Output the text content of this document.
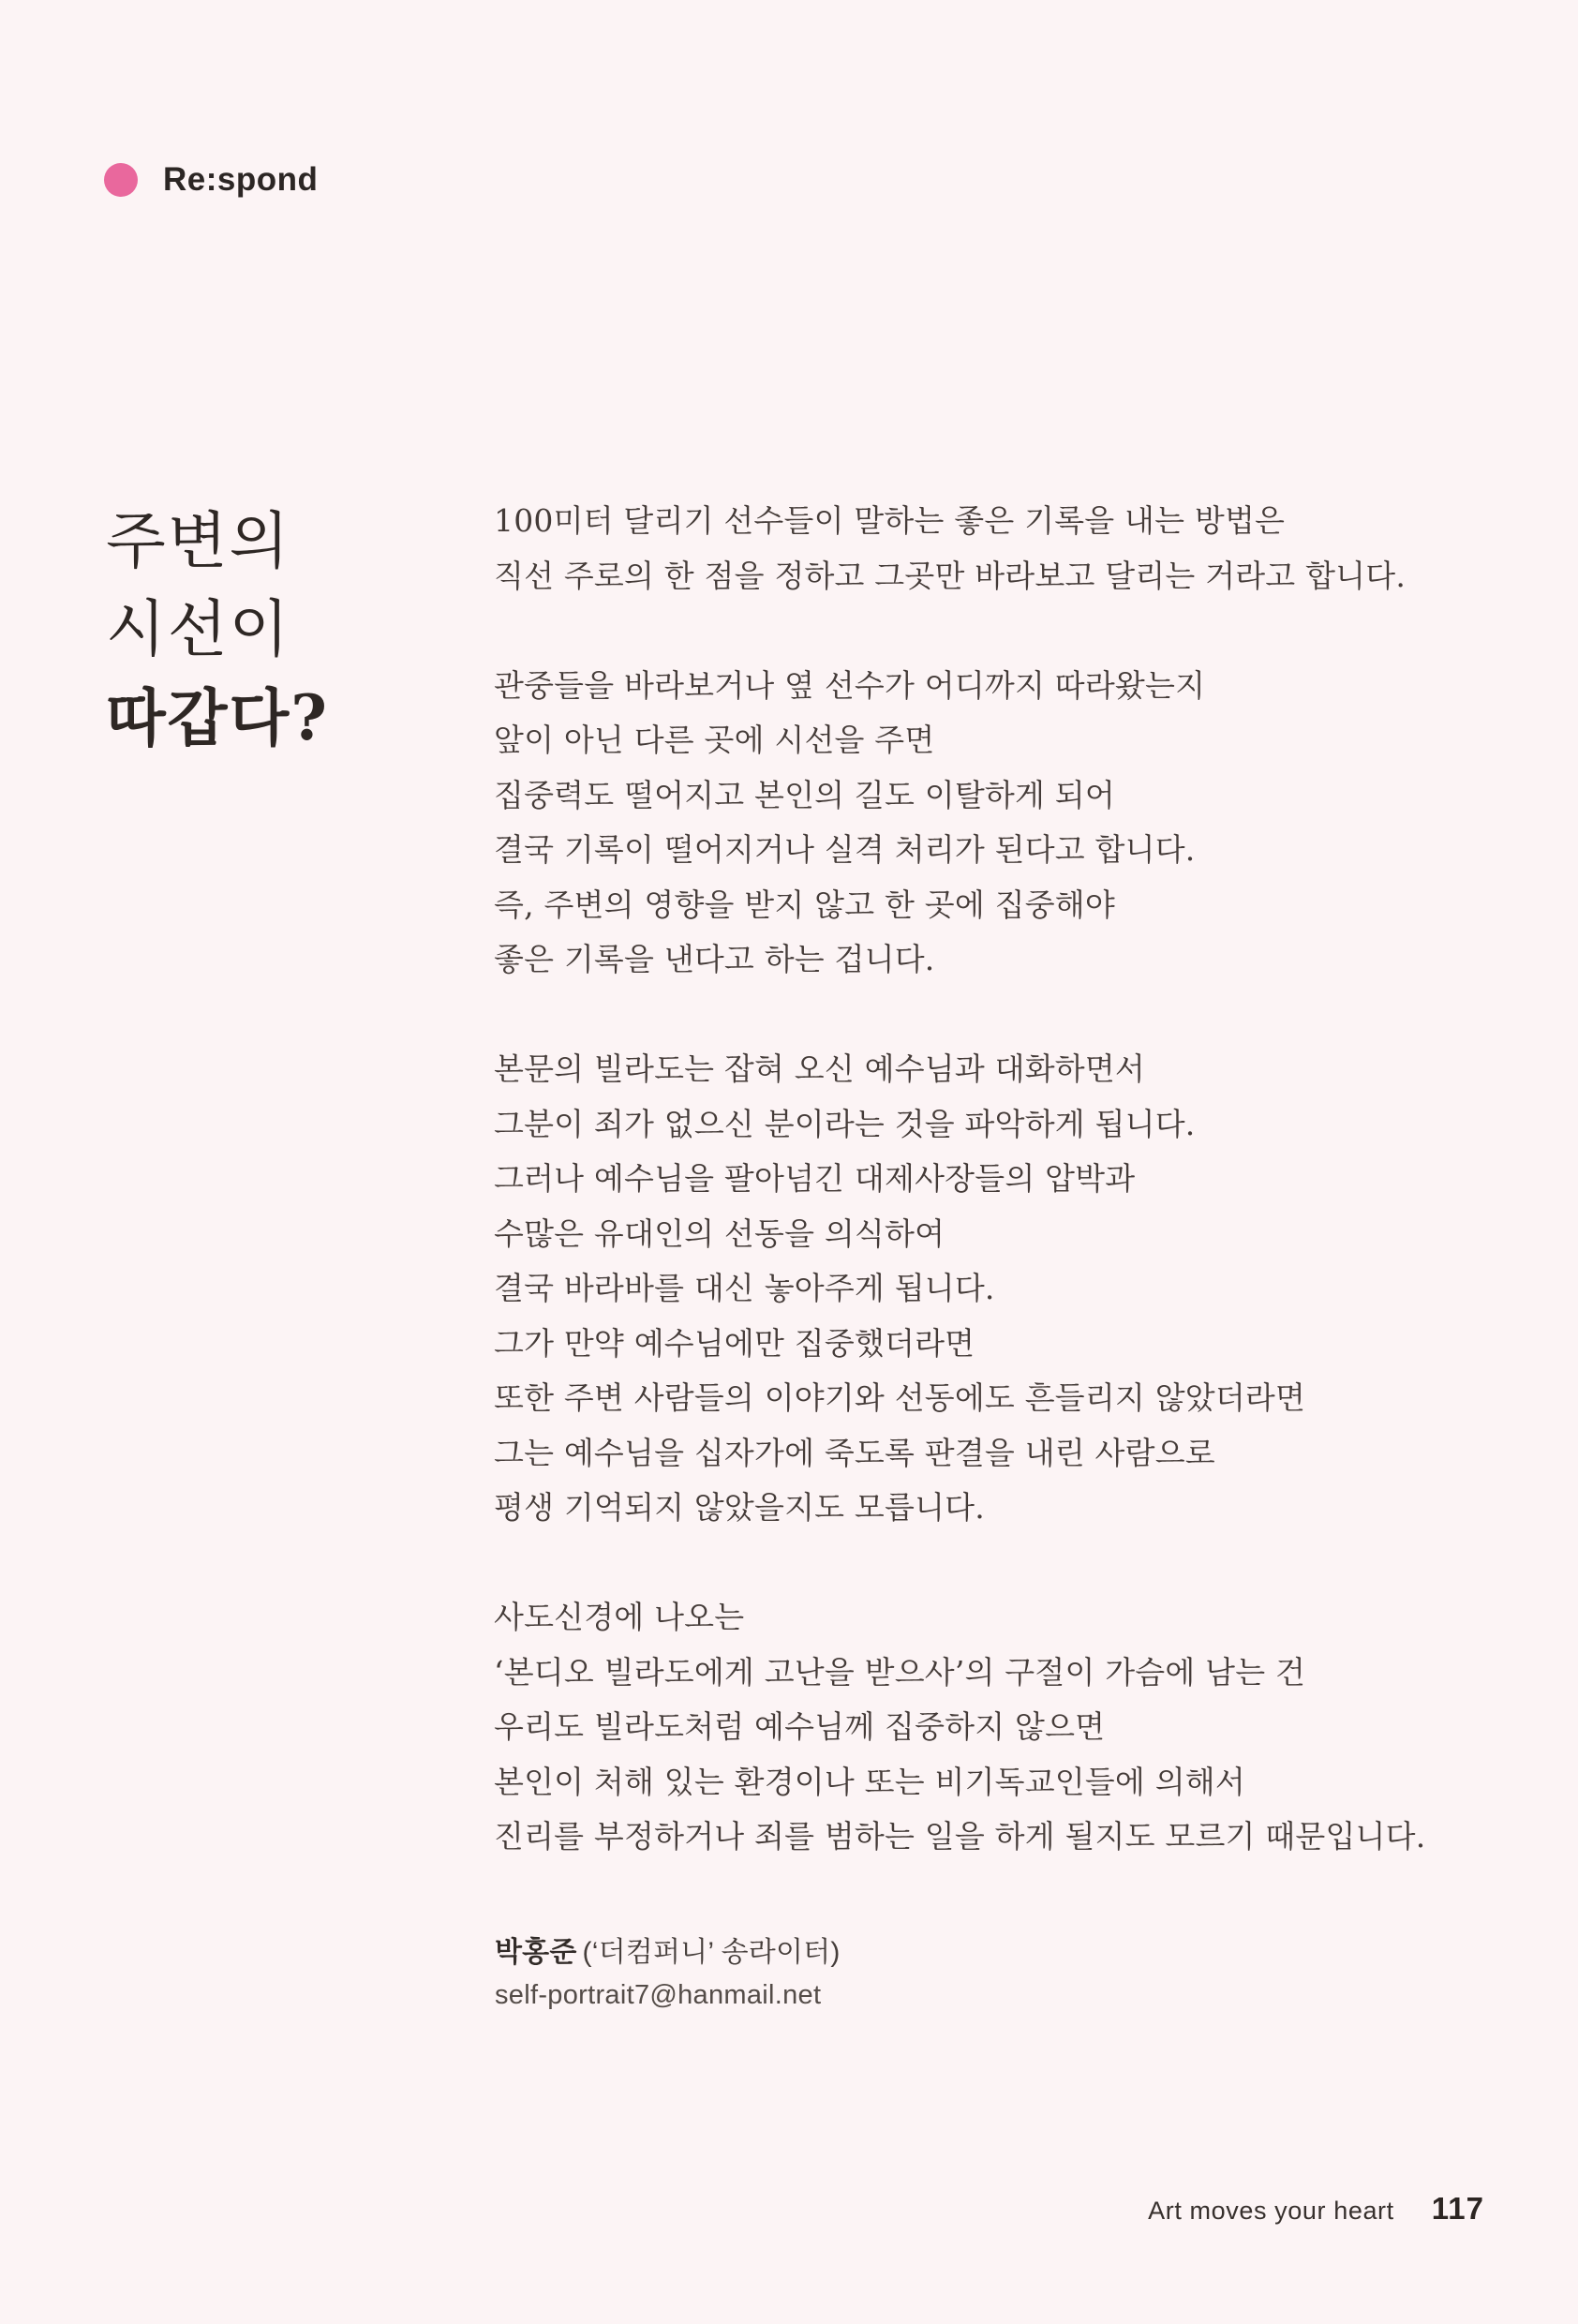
Re:spond
주변의
시선이
따갑다?
100미터 달리기 선수들이 말하는 좋은 기록을 내는 방법은
직선 주로의 한 점을 정하고 그곳만 바라보고 달리는 거라고 합니다.
관중들을 바라보거나 옆 선수가 어디까지 따라왔는지
앞이 아닌 다른 곳에 시선을 주면
집중력도 떨어지고 본인의 길도 이탈하게 되어
결국 기록이 떨어지거나 실격 처리가 된다고 합니다.
즉, 주변의 영향을 받지 않고 한 곳에 집중해야
좋은 기록을 낸다고 하는 겁니다.
본문의 빌라도는 잡혀 오신 예수님과 대화하면서
그분이 죄가 없으신 분이라는 것을 파악하게 됩니다.
그러나 예수님을 팔아넘긴 대제사장들의 압박과
수많은 유대인의 선동을 의식하여
결국 바라바를 대신 놓아주게 됩니다.
그가 만약 예수님에만 집중했더라면
또한 주변 사람들의 이야기와 선동에도 흔들리지 않았더라면
그는 예수님을 십자가에 죽도록 판결을 내린 사람으로
평생 기억되지 않았을지도 모릅니다.
사도신경에 나오는
‘본디오 빌라도에게 고난을 받으사’의 구절이 가슴에 남는 건
우리도 빌라도처럼 예수님께 집중하지 않으면
본인이 처해 있는 환경이나 또는 비기독교인들에 의해서
진리를 부정하거나 죄를 범하는 일을 하게 될지도 모르기 때문입니다.
박홍준 (‘더컴퍼니’ 송라이터)
self-portrait7@hanmail.net
Art moves your heart 117
